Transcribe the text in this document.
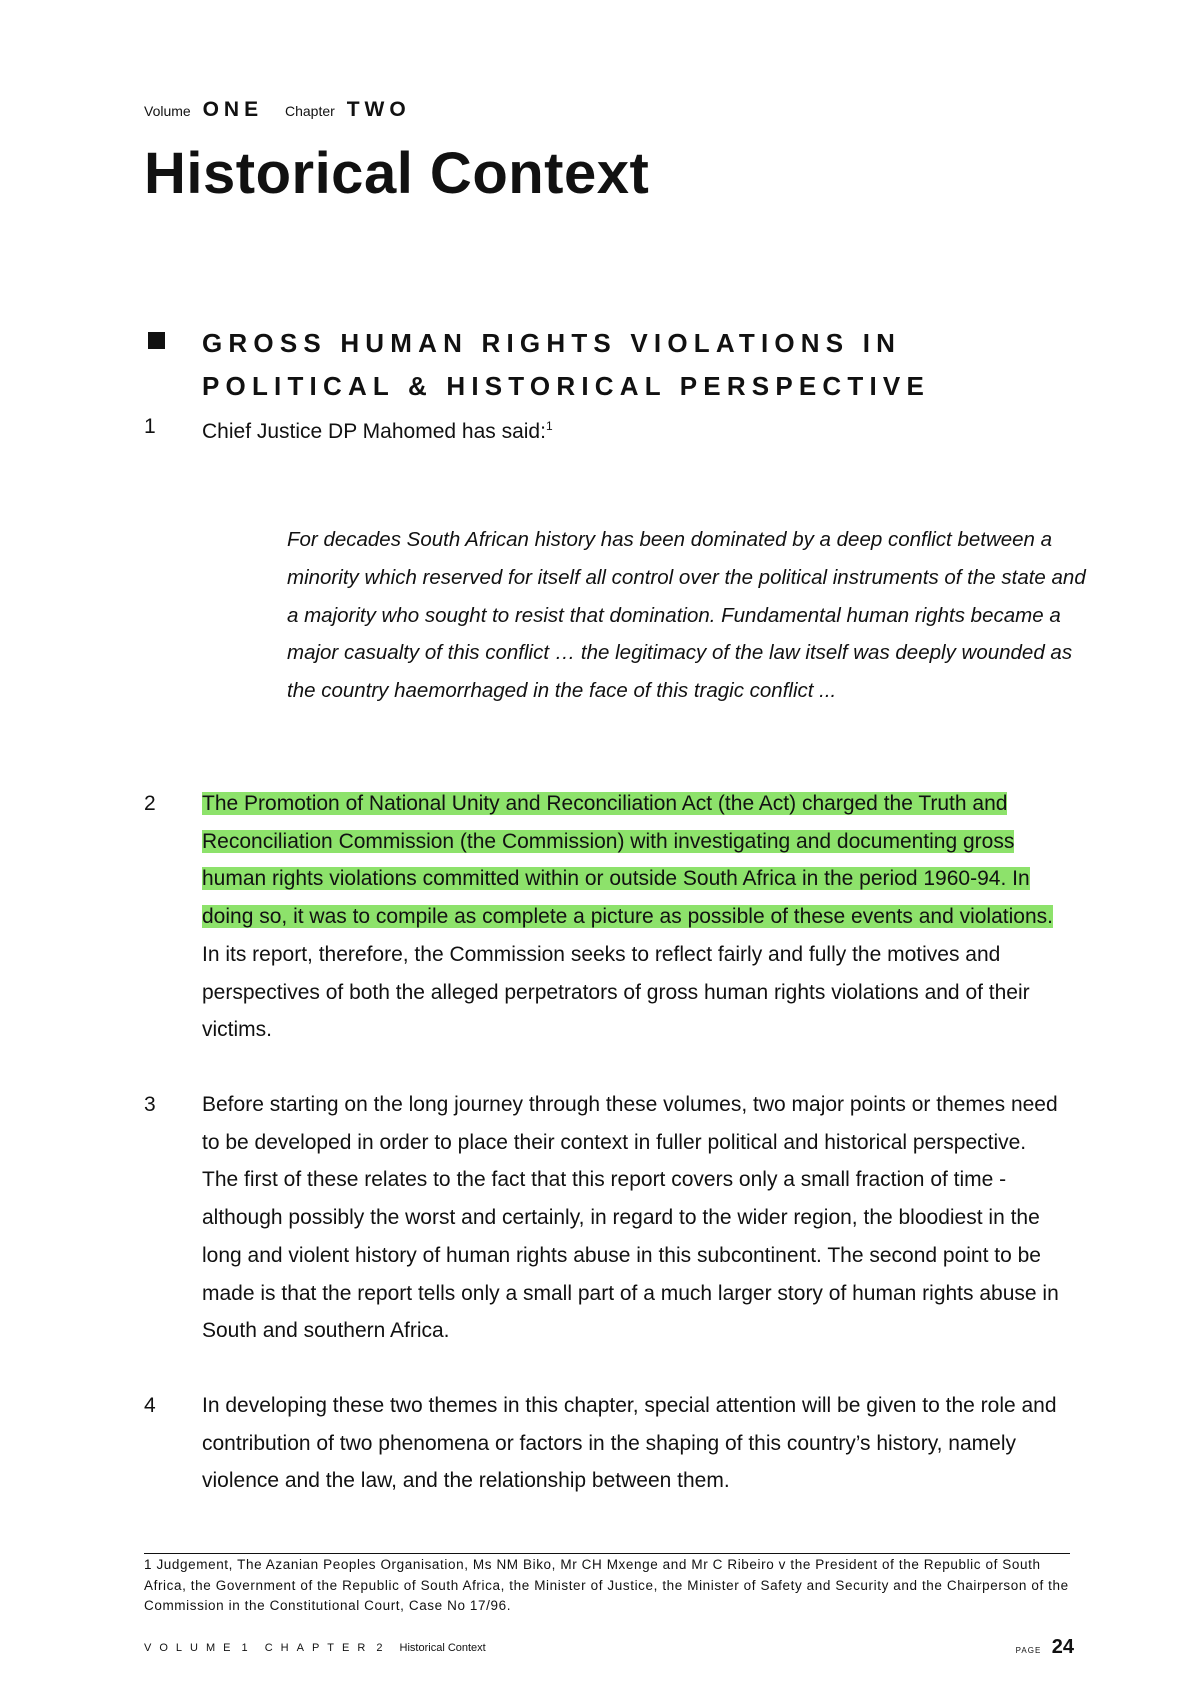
Volume ONE Chapter TWO
Historical Context
GROSS HUMAN RIGHTS VIOLATIONS IN
POLITICAL & HISTORICAL PERSPECTIVE
1 Chief Justice DP Mahomed has said:$^1$
For decades South African history has been dominated by a deep conflict between a minority which reserved for itself all control over the political instruments of the state and a majority who sought to resist that domination. Fundamental human rights became a major casualty of this conflict … the legitimacy of the law itself was deeply wounded as the country haemorrhaged in the face of this tragic conflict ...
2 The Promotion of National Unity and Reconciliation Act (the Act) charged the Truth and Reconciliation Commission (the Commission) with investigating and documenting gross human rights violations committed within or outside South Africa in the period 1960-94. In doing so, it was to compile as complete a picture as possible of these events and violations. In its report, therefore, the Commission seeks to reflect fairly and fully the motives and perspectives of both the alleged perpetrators of gross human rights violations and of their victims.
3 Before starting on the long journey through these volumes, two major points or themes need to be developed in order to place their context in fuller political and historical perspective. The first of these relates to the fact that this report covers only a small fraction of time - although possibly the worst and certainly, in regard to the wider region, the bloodiest in the long and violent history of human rights abuse in this subcontinent. The second point to be made is that the report tells only a small part of a much larger story of human rights abuse in South and southern Africa.
4 In developing these two themes in this chapter, special attention will be given to the role and contribution of two phenomena or factors in the shaping of this country’s history, namely violence and the law, and the relationship between them.
1 Judgement, The Azanian Peoples Organisation, Ms NM Biko, Mr CH Mxenge and Mr C Ribeiro v the President of the Republic of South Africa, the Government of the Republic of South Africa, the Minister of Justice, the Minister of Safety and Security and the Chairperson of the Commission in the Constitutional Court, Case No 17/96.
VOLUME 1 CHAPTER 2 Historical Context	PAGE 24
